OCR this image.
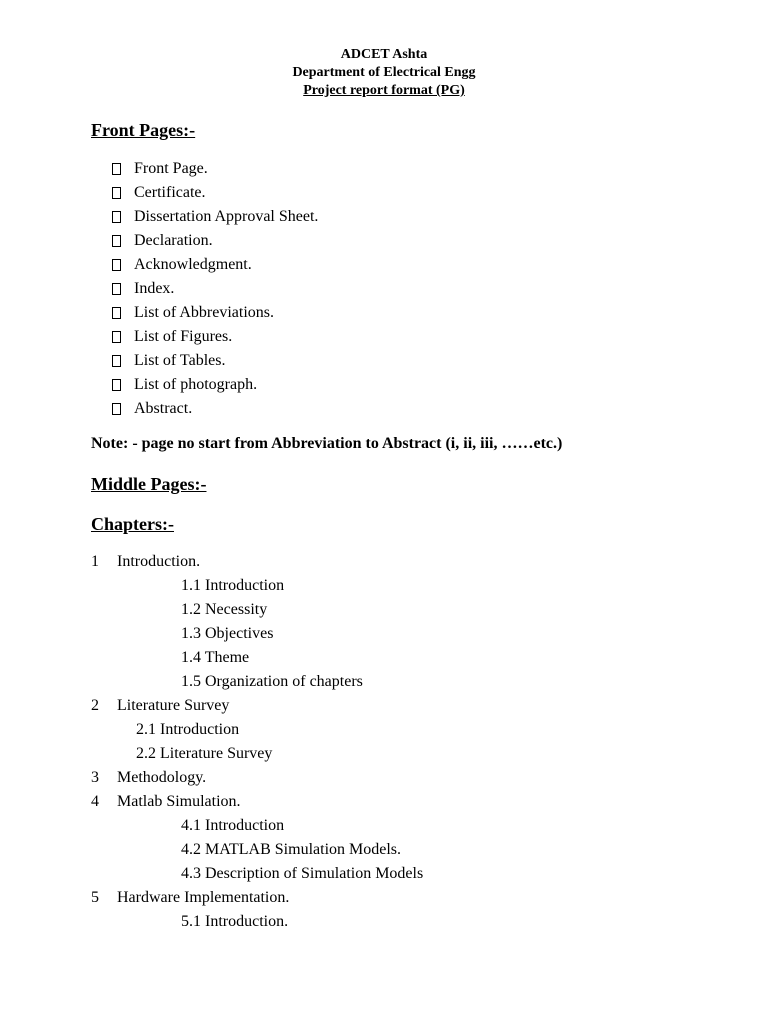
ADCET Ashta
Department of Electrical Engg
Project report format (PG)
Front Pages:-
Front Page.
Certificate.
Dissertation Approval Sheet.
Declaration.
Acknowledgment.
Index.
List of Abbreviations.
List of Figures.
List of Tables.
List of photograph.
Abstract.
Note: - page no start from Abbreviation to Abstract (i, ii, iii, ……etc.)
Middle Pages:-
Chapters:-
1	Introduction.
1.1 Introduction
1.2 Necessity
1.3 Objectives
1.4 Theme
1.5 Organization of chapters
2	Literature Survey
2.1 Introduction
2.2 Literature Survey
3	Methodology.
4	Matlab Simulation.
4.1 Introduction
4.2 MATLAB Simulation Models.
4.3 Description of Simulation Models
5	Hardware Implementation.
5.1 Introduction.
